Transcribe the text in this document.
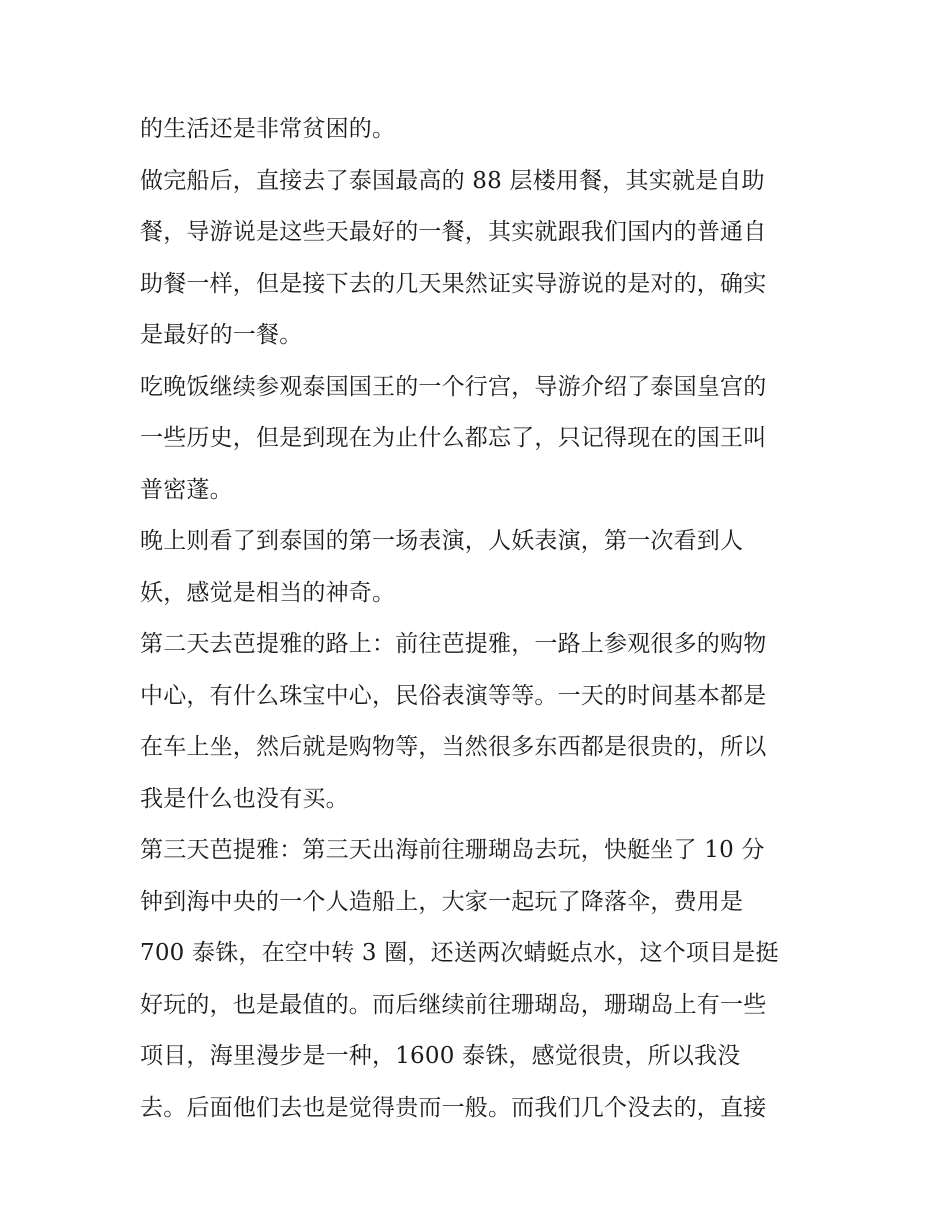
的生活还是非常贫困的。
做完船后，直接去了泰国最高的 88 层楼用餐，其实就是自助
餐，导游说是这些天最好的一餐，其实就跟我们国内的普通自
助餐一样，但是接下去的几天果然证实导游说的是对的，确实
是最好的一餐。
吃晚饭继续参观泰国国王的一个行宫，导游介绍了泰国皇宫的
一些历史，但是到现在为止什么都忘了，只记得现在的国王叫
普密蓬。
晚上则看了到泰国的第一场表演，人妖表演，第一次看到人
妖，感觉是相当的神奇。
第二天去芭提雅的路上：前往芭提雅，一路上参观很多的购物
中心，有什么珠宝中心，民俗表演等等。一天的时间基本都是
在车上坐，然后就是购物等，当然很多东西都是很贵的，所以
我是什么也没有买。
第三天芭提雅：第三天出海前往珊瑚岛去玩，快艇坐了 10 分
钟到海中央的一个人造船上，大家一起玩了降落伞，费用是
700 泰铢，在空中转 3 圈，还送两次蜻蜓点水，这个项目是挺
好玩的，也是最值的。而后继续前往珊瑚岛，珊瑚岛上有一些
项目，海里漫步是一种，1600 泰铢，感觉很贵，所以我没
去。后面他们去也是觉得贵而一般。而我们几个没去的，直接
